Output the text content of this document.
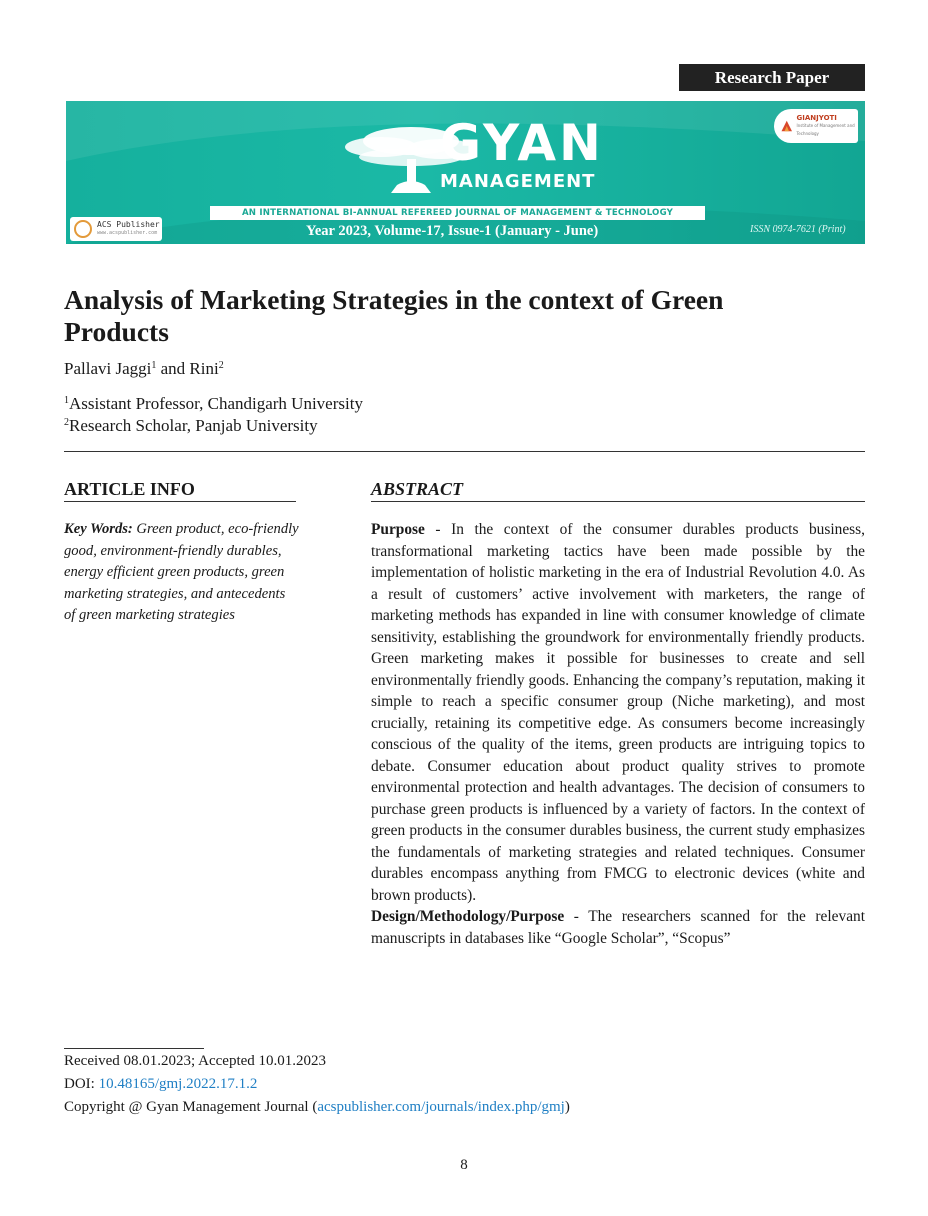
Research Paper
GYAN
MANAGEMENT
AN INTERNATIONAL BI-ANNUAL REFEREED JOURNAL OF MANAGEMENT & TECHNOLOGY
Year 2023, Volume-17, Issue-1 (January - June)	ISSN 0974-7621 (Print)
ACS Publisher
www.acspublisher.com
GIANJYOTI
Institute of Management and Technology
Analysis of Marketing Strategies in the context of Green Products
Pallavi Jaggi$^1$ and Rini$^2$
$^1$Assistant Professor, Chandigarh University
$^2$Research Scholar, Panjab University
ARTICLE INFO	ABSTRACT
Key Words: Green product, eco-friendly good, environment-friendly durables, energy efficient green products, green marketing strategies, and antecedents of green marketing strategies

Purpose - In the context of the consumer durables products business, transformational marketing tactics have been made possible by the implementation of holistic marketing in the era of Industrial Revolution 4.0. As a result of customers’ active involvement with marketers, the range of marketing methods has expanded in line with consumer knowledge of climate sensitivity, establishing the groundwork for environmentally friendly products. Green marketing makes it possible for businesses to create and sell environmentally friendly goods. Enhancing the company’s reputation, making it simple to reach a specific consumer group (Niche marketing), and most crucially, retaining its competitive edge. As consumers become increasingly conscious of the quality of the items, green products are intriguing topics to debate. Consumer education about product quality strives to promote environmental protection and health advantages. The decision of consumers to purchase green products is influenced by a variety of factors. In the context of green products in the consumer durables business, the current study emphasizes the fundamentals of marketing strategies and related techniques. Consumer durables encompass anything from FMCG to electronic devices (white and brown products).

Design/Methodology/Purpose - The researchers scanned for the relevant manuscripts in databases like “Google Scholar”, “Scopus”

Received 08.01.2023; Accepted 10.01.2023
DOI: 10.48165/gmj.2022.17.1.2
Copyright @ Gyan Management Journal (acspublisher.com/journals/index.php/gmj)
8
